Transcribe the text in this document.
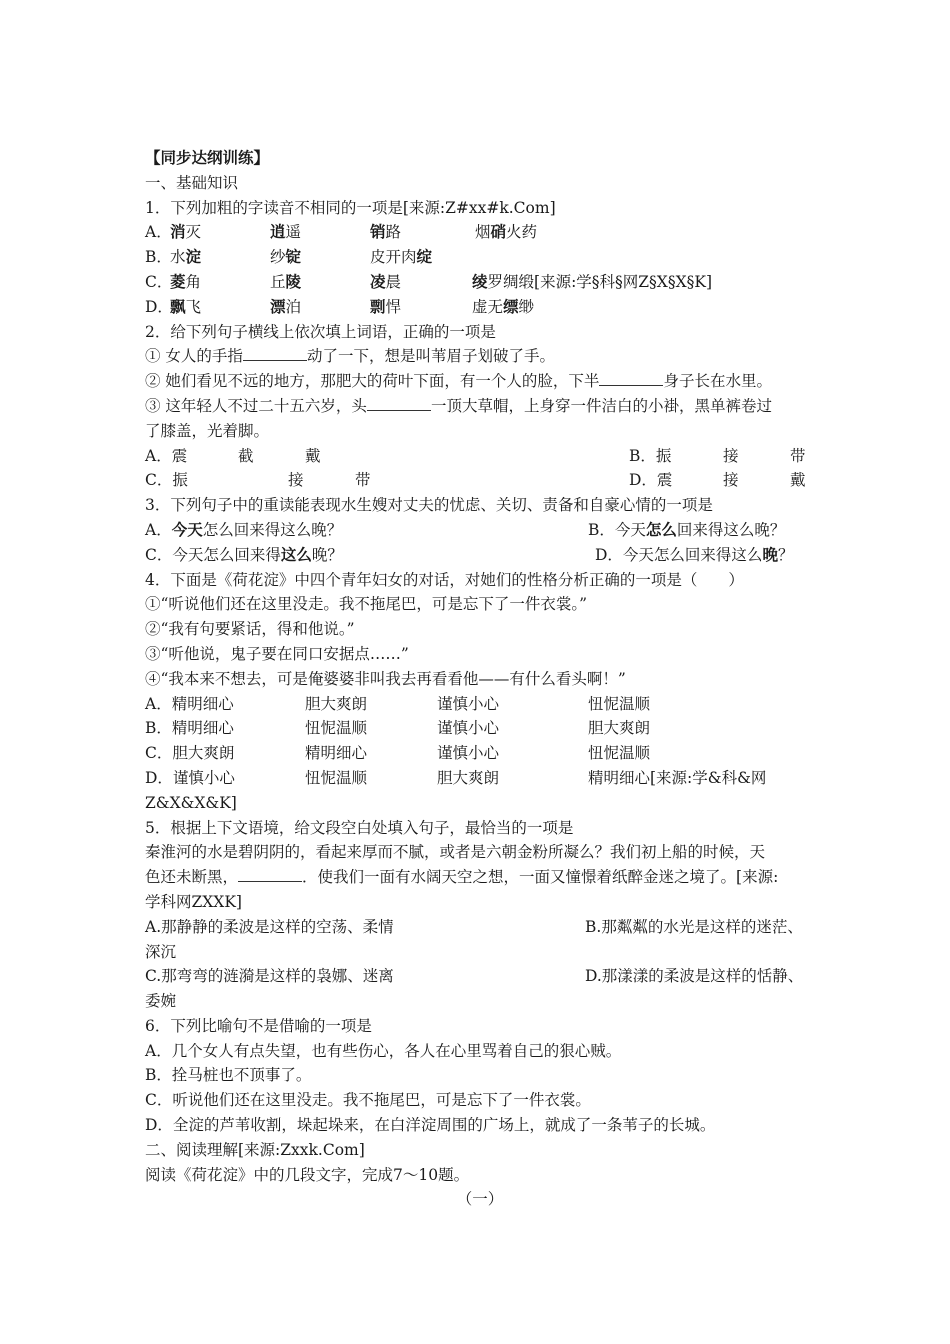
【同步达纲训练】
一、基础知识
1．下列加粗的字读音不相同的一项是[来源:Z#xx#k.Com]
A．
消灭	逍遥	销路	烟硝火药
B．
水淀	纱锭	皮开肉绽
C．
菱角	丘陵	凌晨	绫罗绸缎[来源:学§科§网Z§X§X§K]
D．
飘飞	漂泊	剽悍	虚无缥缈
2．给下列句子横线上依次填上词语，正确的一项是
① 女人的手指	动了一下，想是叫苇眉子划破了手。
② 她们看见不远的地方，那肥大的荷叶下面，有一个人的脸，下半	身子长在水里。
③ 这年轻人不过二十五六岁，头	一顶大草帽，上身穿一件洁白的小褂，黑单裤卷过
了膝盖，光着脚。
A．震	截	戴	B．振	接	带
C．振	接	带	D．震	接	戴
3．下列句子中的重读能表现水生嫂对丈夫的忧虑、关切、责备和自豪心情的一项是
A．今天怎么回来得这么晚？	B．今天怎么回来得这么晚？
C．今天怎么回来得这么晚？	D．今天怎么回来得这么晚？
4．下面是《荷花淀》中四个青年妇女的对话，对她们的性格分析正确的一项是（　　）
①“听说他们还在这里没走。我不拖尾巴，可是忘下了一件衣裳。”
②“我有句要紧话，得和他说。”
③“听他说，鬼子要在同口安据点……”
④“我本来不想去，可是俺婆婆非叫我去再看看他——有什么看头啊！”
A．精明细心	胆大爽朗	谨慎小心	忸怩温顺
B．精明细心	忸怩温顺	谨慎小心	胆大爽朗
C．胆大爽朗	精明细心	谨慎小心	忸怩温顺
D．谨慎小心	忸怩温顺	胆大爽朗	精明细心[来源:学&科&网
Z&X&X&K]
5．根据上下文语境，给文段空白处填入句子，最恰当的一项是
秦淮河的水是碧阴阴的，看起来厚而不腻，或者是六朝金粉所凝么？我们初上船的时候，天
色还未断黑，	．使我们一面有水阔天空之想，一面又憧憬着纸醉金迷之境了。[来源:
学科网ZXXK]
A.那静静的柔波是这样的空荡、柔情	B.那粼粼的水光是这样的迷茫、
深沉
C.那弯弯的涟漪是这样的袅娜、迷离	D.那漾漾的柔波是这样的恬静、
委婉
6．下列比喻句不是借喻的一项是
A．几个女人有点失望，也有些伤心，各人在心里骂着自己的狠心贼。
B．拴马桩也不顶事了。
C．听说他们还在这里没走。我不拖尾巴，可是忘下了一件衣裳。
D．全淀的芦苇收割，垛起垛来，在白洋淀周围的广场上，就成了一条苇子的长城。
二、阅读理解[来源:Zxxk.Com]
阅读《荷花淀》中的几段文字，完成7～10题。
（一）
